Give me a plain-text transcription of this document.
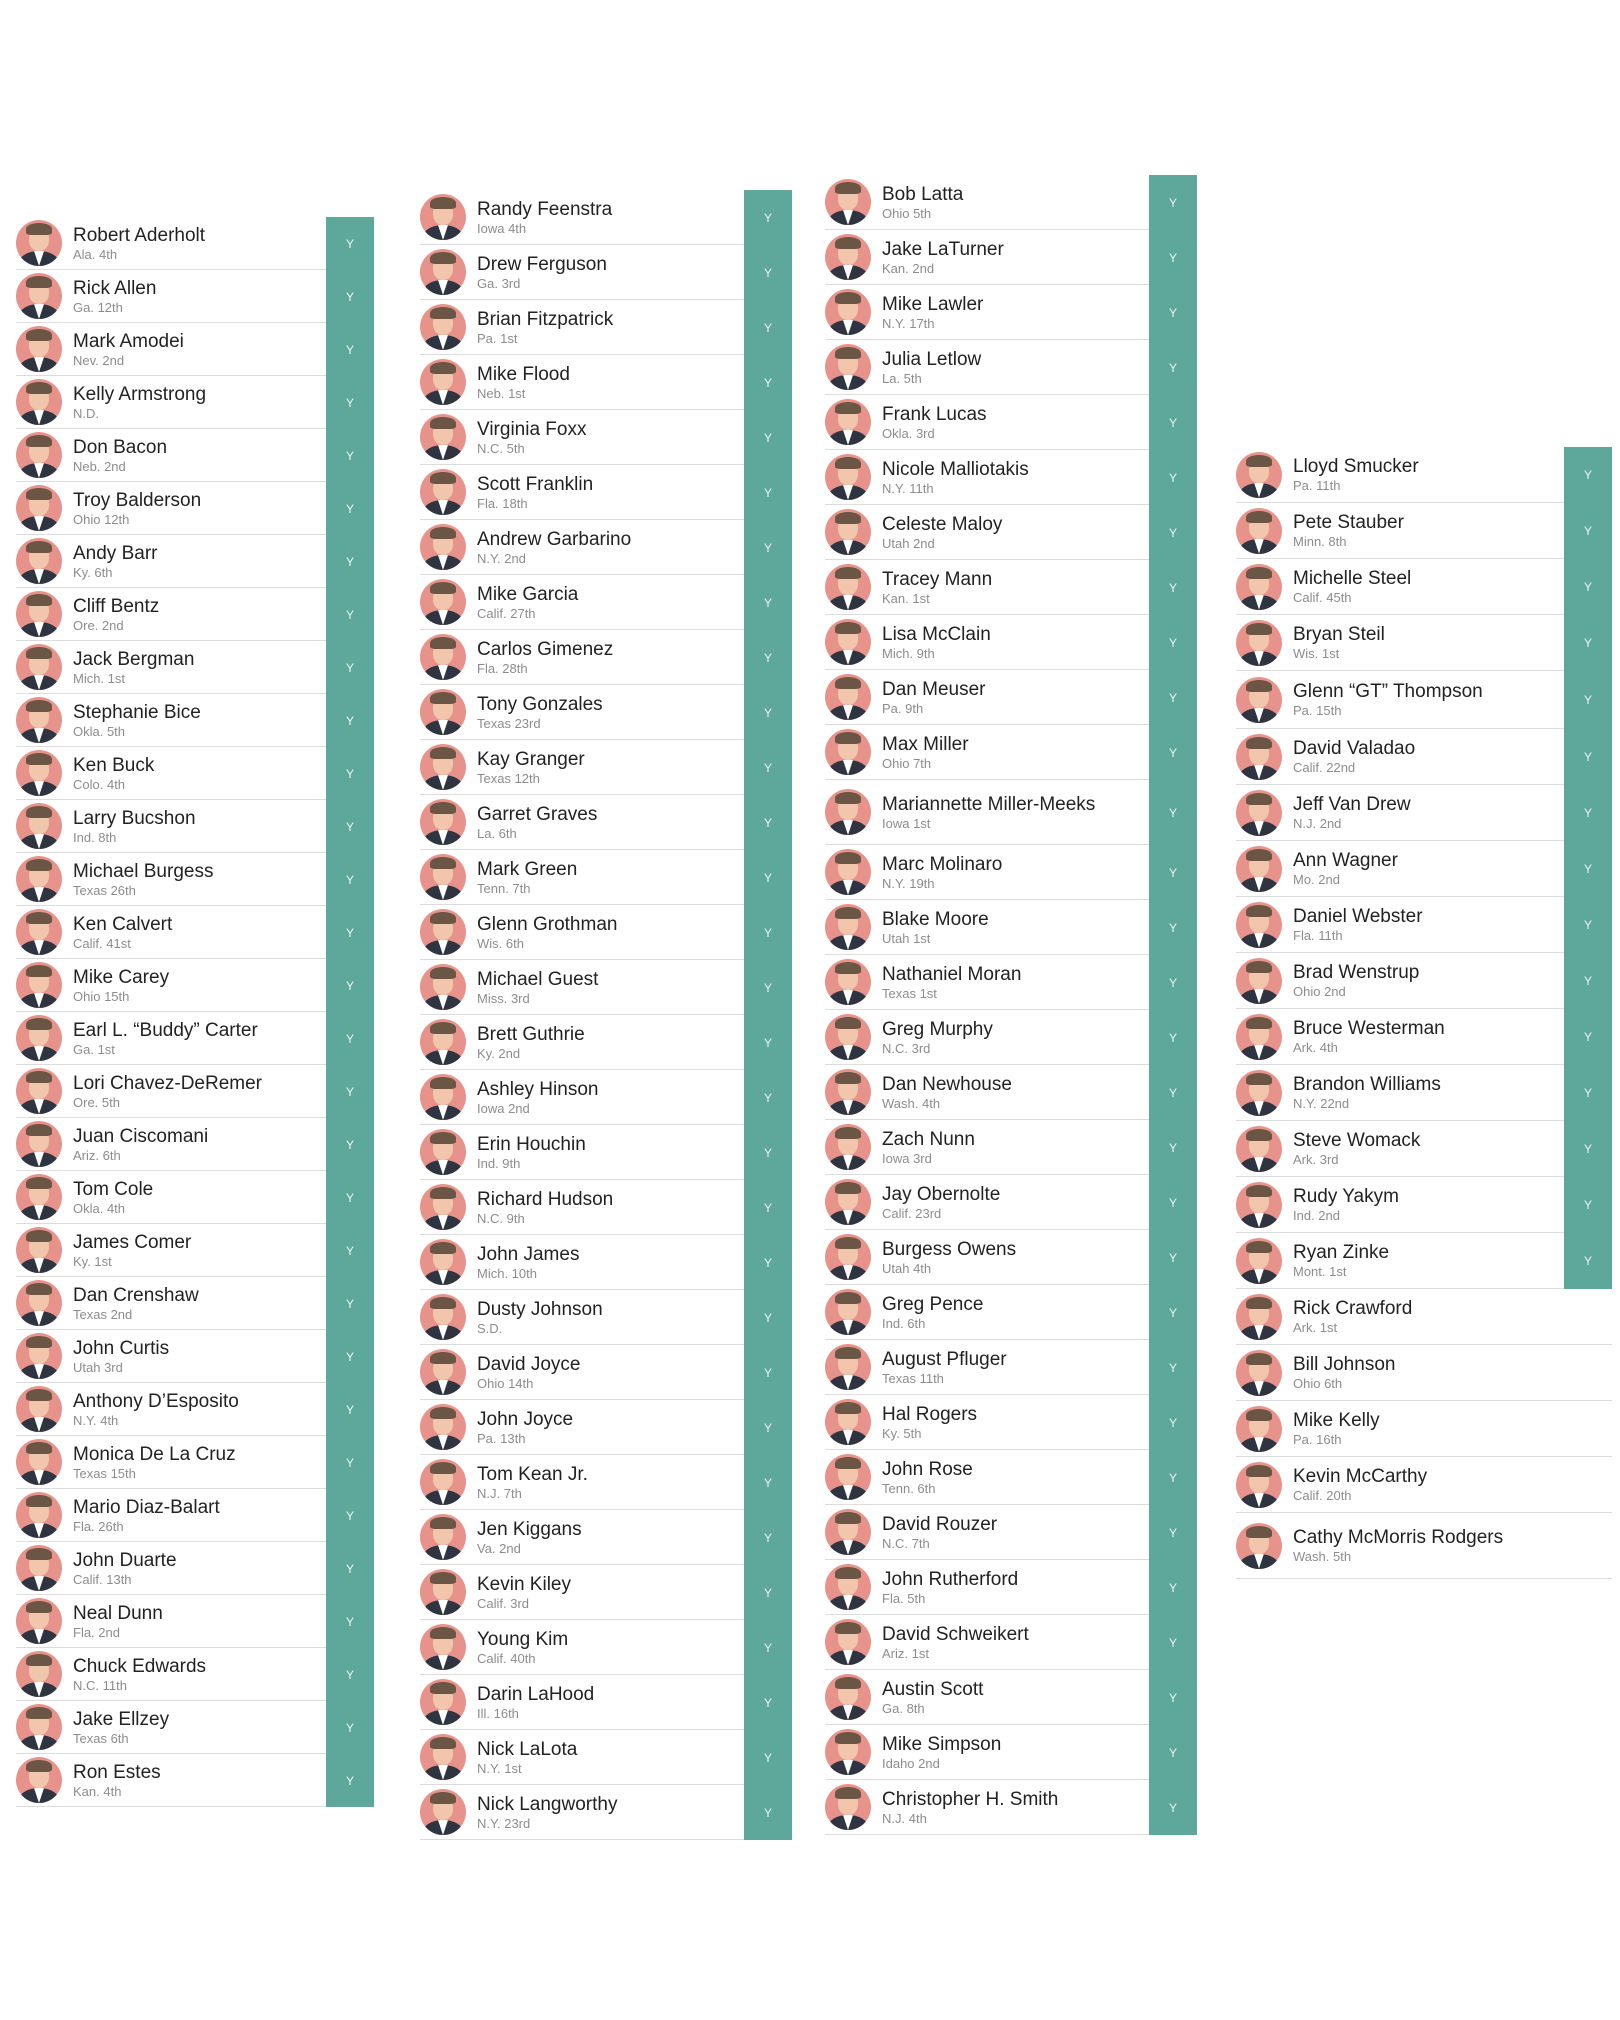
Robert Aderholt
Ala. 4th
Y
Rick Allen
Ga. 12th
Y
Mark Amodei
Nev. 2nd
Y
Kelly Armstrong
N.D.
Y
Don Bacon
Neb. 2nd
Y
Troy Balderson
Ohio 12th
Y
Andy Barr
Ky. 6th
Y
Cliff Bentz
Ore. 2nd
Y
Jack Bergman
Mich. 1st
Y
Stephanie Bice
Okla. 5th
Y
Ken Buck
Colo. 4th
Y
Larry Bucshon
Ind. 8th
Y
Michael Burgess
Texas 26th
Y
Ken Calvert
Calif. 41st
Y
Mike Carey
Ohio 15th
Y
Earl L. “Buddy” Carter
Ga. 1st
Y
Lori Chavez-DeRemer
Ore. 5th
Y
Juan Ciscomani
Ariz. 6th
Y
Tom Cole
Okla. 4th
Y
James Comer
Ky. 1st
Y
Dan Crenshaw
Texas 2nd
Y
John Curtis
Utah 3rd
Y
Anthony D’Esposito
N.Y. 4th
Y
Monica De La Cruz
Texas 15th
Y
Mario Diaz-Balart
Fla. 26th
Y
John Duarte
Calif. 13th
Y
Neal Dunn
Fla. 2nd
Y
Chuck Edwards
N.C. 11th
Y
Jake Ellzey
Texas 6th
Y
Ron Estes
Kan. 4th
Y
Randy Feenstra
Iowa 4th
Y
Drew Ferguson
Ga. 3rd
Y
Brian Fitzpatrick
Pa. 1st
Y
Mike Flood
Neb. 1st
Y
Virginia Foxx
N.C. 5th
Y
Scott Franklin
Fla. 18th
Y
Andrew Garbarino
N.Y. 2nd
Y
Mike Garcia
Calif. 27th
Y
Carlos Gimenez
Fla. 28th
Y
Tony Gonzales
Texas 23rd
Y
Kay Granger
Texas 12th
Y
Garret Graves
La. 6th
Y
Mark Green
Tenn. 7th
Y
Glenn Grothman
Wis. 6th
Y
Michael Guest
Miss. 3rd
Y
Brett Guthrie
Ky. 2nd
Y
Ashley Hinson
Iowa 2nd
Y
Erin Houchin
Ind. 9th
Y
Richard Hudson
N.C. 9th
Y
John James
Mich. 10th
Y
Dusty Johnson
S.D.
Y
David Joyce
Ohio 14th
Y
John Joyce
Pa. 13th
Y
Tom Kean Jr.
N.J. 7th
Y
Jen Kiggans
Va. 2nd
Y
Kevin Kiley
Calif. 3rd
Y
Young Kim
Calif. 40th
Y
Darin LaHood
Ill. 16th
Y
Nick LaLota
N.Y. 1st
Y
Nick Langworthy
N.Y. 23rd
Y
Bob Latta
Ohio 5th
Y
Jake LaTurner
Kan. 2nd
Y
Mike Lawler
N.Y. 17th
Y
Julia Letlow
La. 5th
Y
Frank Lucas
Okla. 3rd
Y
Nicole Malliotakis
N.Y. 11th
Y
Celeste Maloy
Utah 2nd
Y
Tracey Mann
Kan. 1st
Y
Lisa McClain
Mich. 9th
Y
Dan Meuser
Pa. 9th
Y
Max Miller
Ohio 7th
Y
Mariannette Miller-Meeks
Iowa 1st
Y
Marc Molinaro
N.Y. 19th
Y
Blake Moore
Utah 1st
Y
Nathaniel Moran
Texas 1st
Y
Greg Murphy
N.C. 3rd
Y
Dan Newhouse
Wash. 4th
Y
Zach Nunn
Iowa 3rd
Y
Jay Obernolte
Calif. 23rd
Y
Burgess Owens
Utah 4th
Y
Greg Pence
Ind. 6th
Y
August Pfluger
Texas 11th
Y
Hal Rogers
Ky. 5th
Y
John Rose
Tenn. 6th
Y
David Rouzer
N.C. 7th
Y
John Rutherford
Fla. 5th
Y
David Schweikert
Ariz. 1st
Y
Austin Scott
Ga. 8th
Y
Mike Simpson
Idaho 2nd
Y
Christopher H. Smith
N.J. 4th
Y
Lloyd Smucker
Pa. 11th
Y
Pete Stauber
Minn. 8th
Y
Michelle Steel
Calif. 45th
Y
Bryan Steil
Wis. 1st
Y
Glenn “GT” Thompson
Pa. 15th
Y
David Valadao
Calif. 22nd
Y
Jeff Van Drew
N.J. 2nd
Y
Ann Wagner
Mo. 2nd
Y
Daniel Webster
Fla. 11th
Y
Brad Wenstrup
Ohio 2nd
Y
Bruce Westerman
Ark. 4th
Y
Brandon Williams
N.Y. 22nd
Y
Steve Womack
Ark. 3rd
Y
Rudy Yakym
Ind. 2nd
Y
Ryan Zinke
Mont. 1st
Y
Rick Crawford
Ark. 1st
Bill Johnson
Ohio 6th
Mike Kelly
Pa. 16th
Kevin McCarthy
Calif. 20th
Cathy McMorris Rodgers
Wash. 5th
